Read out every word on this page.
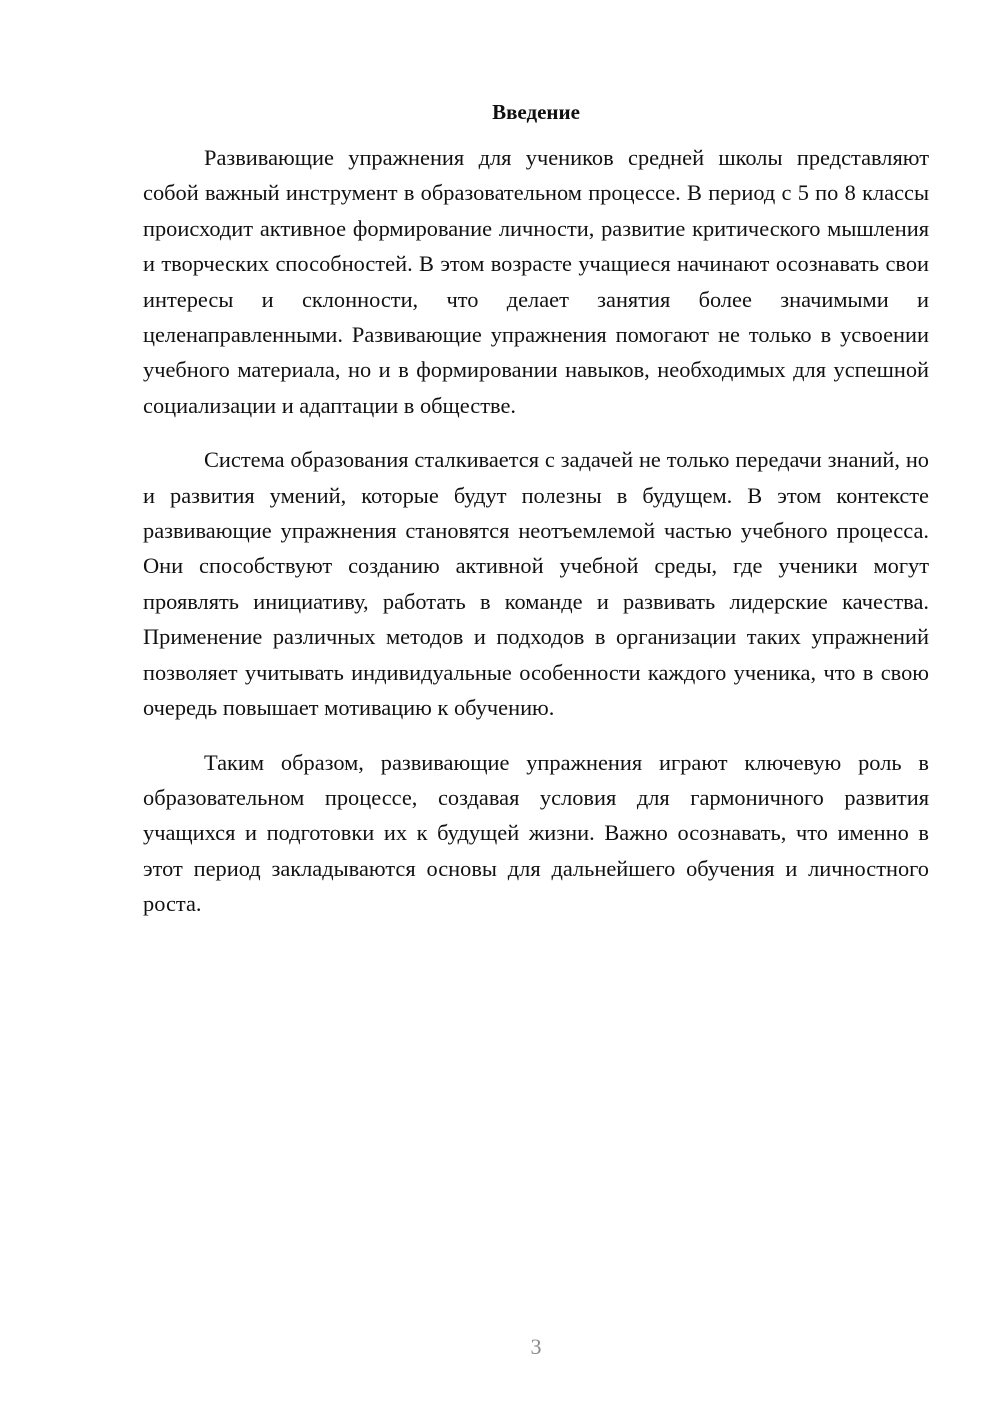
Введение

Развивающие упражнения для учеников средней школы представляют собой важный инструмент в образовательном процессе. В период с 5 по 8 классы происходит активное формирование личности, развитие критического мышления и творческих способностей. В этом возрасте учащиеся начинают осознавать свои интересы и склонности, что делает занятия более значимыми и целенаправленными. Развивающие упражнения помогают не только в усвоении учебного материала, но и в формировании навыков, необходимых для успешной социализации и адаптации в обществе.

Система образования сталкивается с задачей не только передачи знаний, но и развития умений, которые будут полезны в будущем. В этом контексте развивающие упражнения становятся неотъемлемой частью учебного процесса. Они способствуют созданию активной учебной среды, где ученики могут проявлять инициативу, работать в команде и развивать лидерские качества. Применение различных методов и подходов в организации таких упражнений позволяет учитывать индивидуальные особенности каждого ученика, что в свою очередь повышает мотивацию к обучению.

Таким образом, развивающие упражнения играют ключевую роль в образовательном процессе, создавая условия для гармоничного развития учащихся и подготовки их к будущей жизни. Важно осознавать, что именно в этот период закладываются основы для дальнейшего обучения и личностного роста.

3
